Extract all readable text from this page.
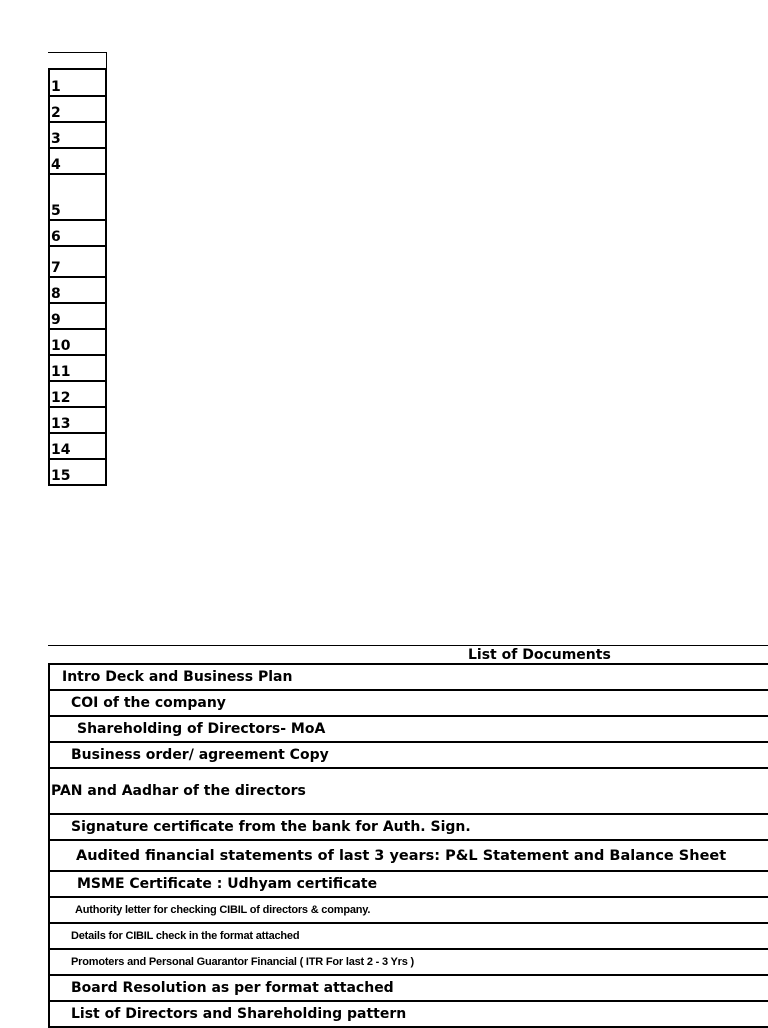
1
2
3
4
5
6
7
8
9
10
11
12
13
14
15
List of Documents
Intro Deck and Business Plan
COI of the company
Shareholding of Directors- MoA
Business order/ agreement Copy
PAN and Aadhar of the directors
Signature certificate from the bank for Auth. Sign.
Audited financial statements of last 3 years: P&L Statement and Balance Sheet
MSME Certificate : Udhyam certificate
Authority letter for checking CIBIL of directors & company.
Details for CIBIL check in the format attached
Promoters and Personal Guarantor Financial ( ITR For last 2 - 3 Yrs )
Board Resolution as per format attached
List of Directors and Shareholding pattern
